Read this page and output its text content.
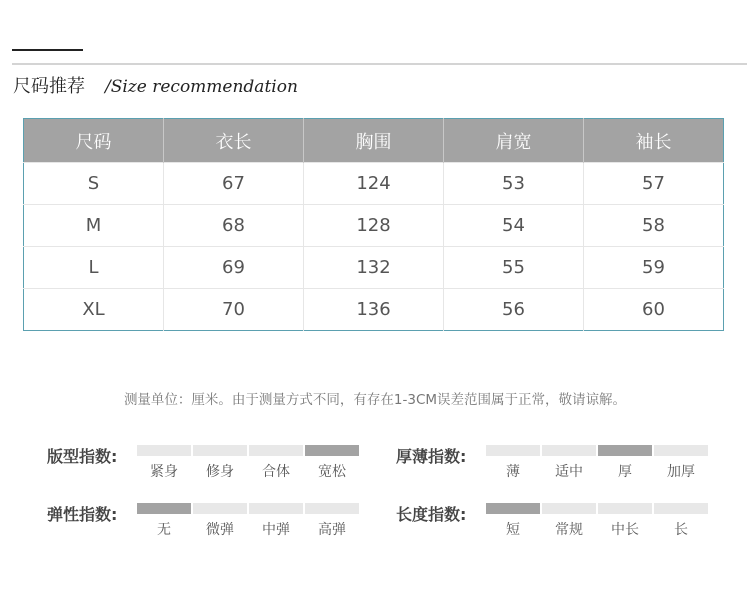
尺码推荐 /Size recommendation
尺码	衣长	胸围	肩宽	袖长
S	67	124	53	57
M	68	128	54	58
L	69	132	55	59
XL	70	136	56	60
测量单位：厘米。由于测量方式不同，有存在1-3CM误差范围属于正常，敬请谅解。
版型指数:
紧身	修身	合体	宽松
厚薄指数:
薄	适中	厚	加厚
弹性指数:
无	微弹	中弹	高弹
长度指数:
短	常规	中长	长
